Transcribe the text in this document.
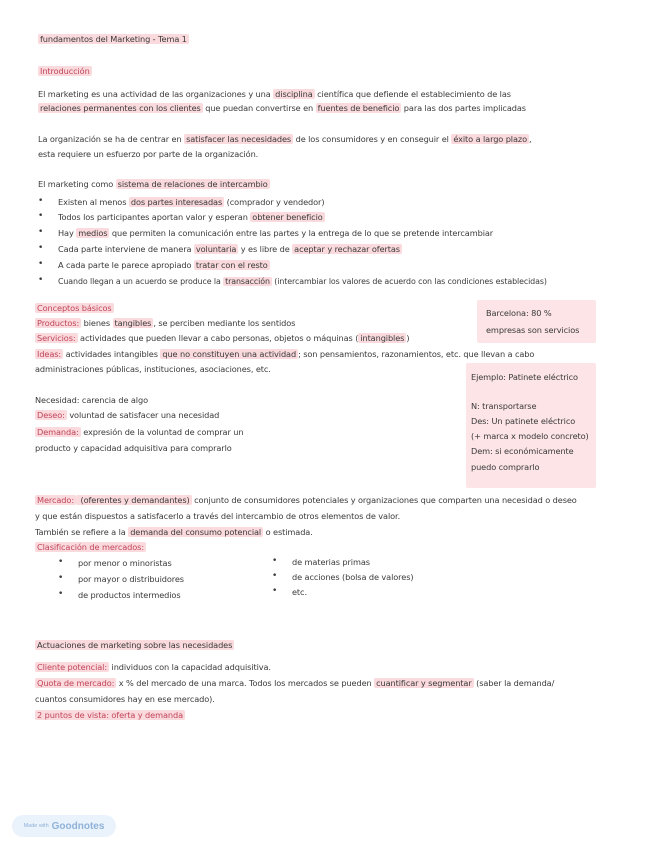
fundamentos del Marketing - Tema 1
Introducción
El marketing es una actividad de las organizaciones y una disciplina científica que defiende el establecimiento de las
relaciones permanentes con los clientes que puedan convertirse en fuentes de beneficio para las dos partes implicadas
La organización se ha de centrar en satisfacer las necesidades de los consumidores y en conseguir el éxito a largo plazo ,
esta requiere un esfuerzo por parte de la organización.
El marketing como sistema de relaciones de intercambio
• Existen al menos dos partes interesadas (comprador y vendedor)
• Todos los participantes aportan valor y esperan obtener beneficio
• Hay medios que permiten la comunicación entre las partes y la entrega de lo que se pretende intercambiar
• Cada parte interviene de manera voluntaria y es libre de aceptar y rechazar ofertas
• A cada parte le parece apropiado tratar con el resto
• Cuando llegan a un acuerdo se produce la transacción (intercambiar los valores de acuerdo con las condiciones establecidas)
Barcelona: 80 %
empresas son servicios
Conceptos básicos
Productos: bienes tangibles , se perciben mediante los sentidos
Servicios: actividades que pueden llevar a cabo personas, objetos o máquinas ( intangibles )
Ideas: actividades intangibles que no constituyen una actividad ; son pensamientos, razonamientos, etc. que llevan a cabo
administraciones públicas, instituciones, asociaciones, etc.
Necesidad: carencia de algo
Deseo: voluntad de satisfacer una necesidad
Demanda: expresión de la voluntad de comprar un
producto y capacidad adquisitiva para comprarlo
Ejemplo: Patinete eléctrico
N: transportarse
Des: Un patinete eléctrico
(+ marca x modelo concreto)
Dem: si económicamente
puedo comprarlo
Mercado: (oferentes y demandantes) conjunto de consumidores potenciales y organizaciones que comparten una necesidad o deseo
y que están dispuestos a satisfacerlo a través del intercambio de otros elementos de valor.
También se refiere a la demanda del consumo potencial o estimada.
Clasificación de mercados:
• por menor o minoristas
• por mayor o distribuidores
• de productos intermedios
• de materias primas
• de acciones (bolsa de valores)
• etc.
Actuaciones de marketing sobre las necesidades
Cliente potencial: individuos con la capacidad adquisitiva.
Quota de mercado: x % del mercado de una marca. Todos los mercados se pueden cuantificar y segmentar (saber la demanda/
cuantos consumidores hay en ese mercado).
2 puntos de vista: oferta y demanda
Made with Goodnotes
